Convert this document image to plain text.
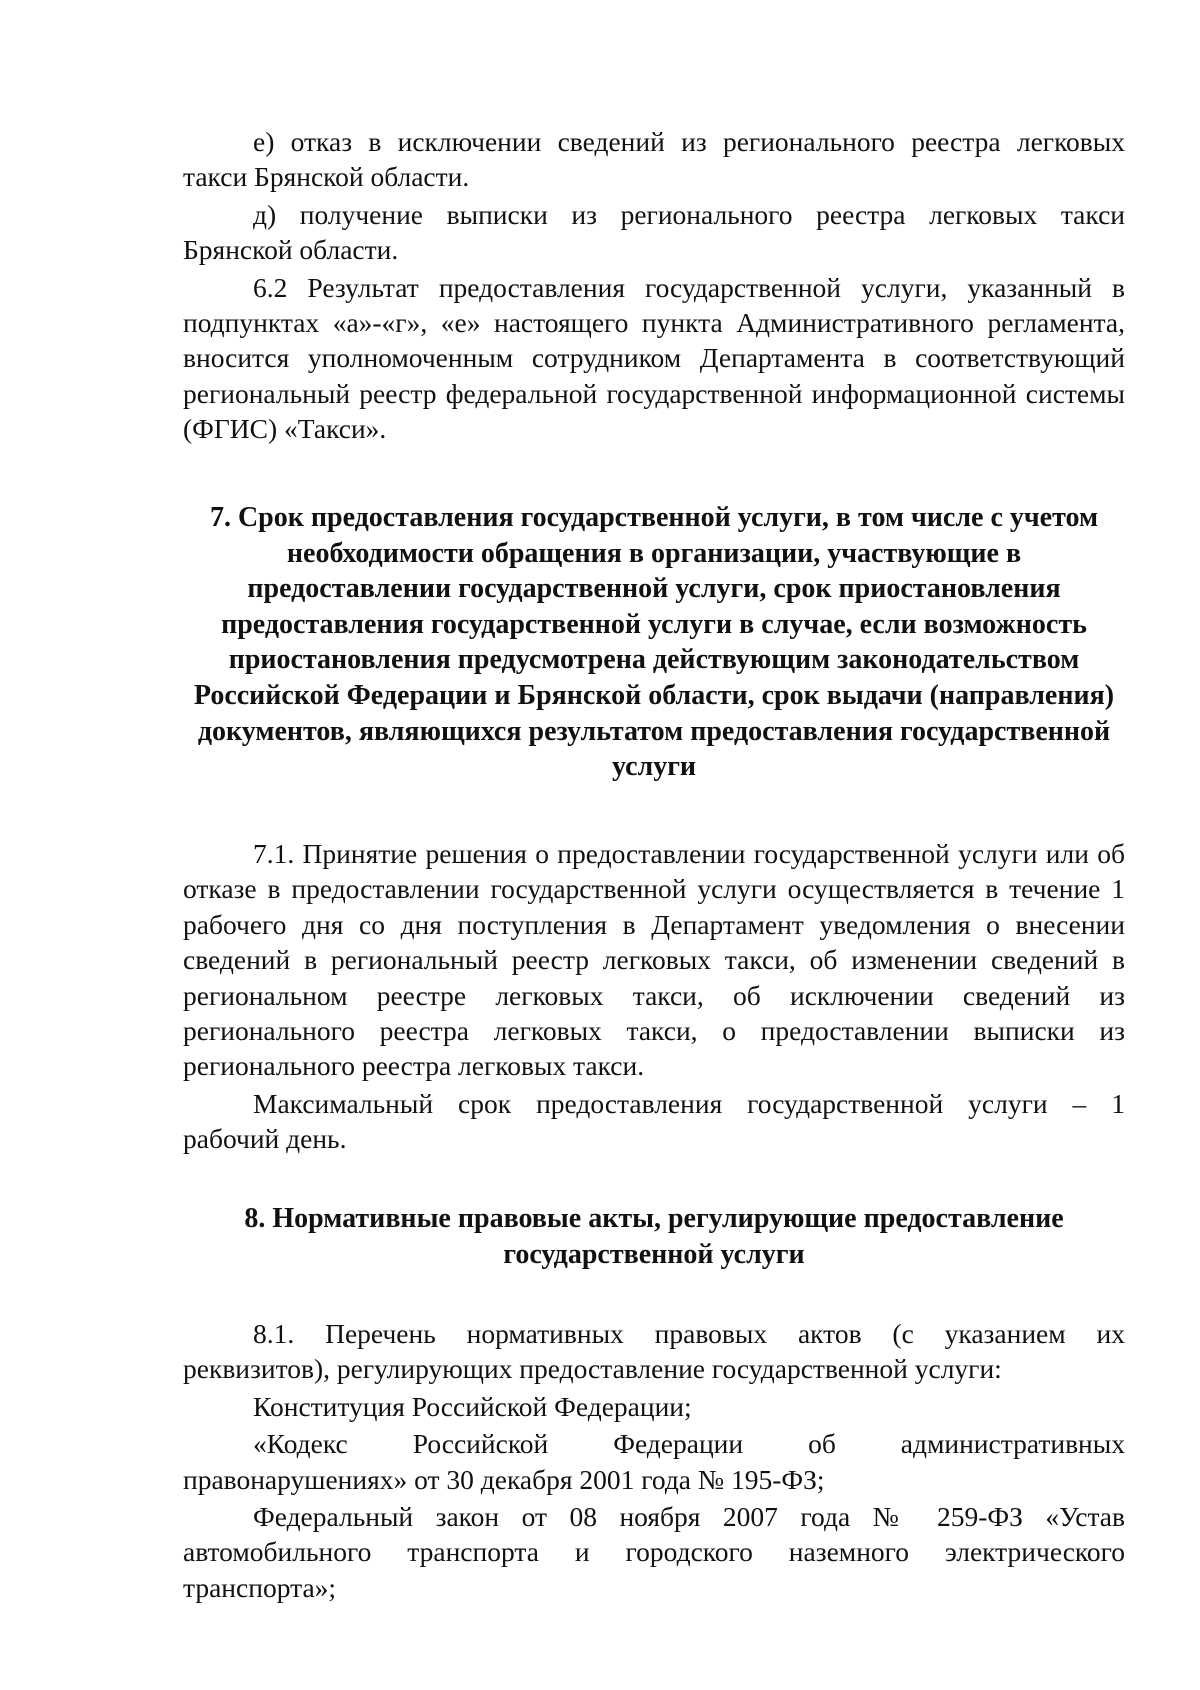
е) отказ в исключении сведений из регионального реестра легковых

такси Брянской области.

д) получение выписки из регионального реестра легковых такси

Брянской области.

6.2 Результат предоставления государственной услуги, указанный в

подпунктах «а»-«г», «е» настоящего пункта Административного регламента,

вносится уполномоченным сотрудником Департамента в соответствующий

региональный реестр федеральной государственной информационной системы

(ФГИС) «Такси».

7. Срок предоставления государственной услуги, в том числе с учетом
необходимости обращения в организации, участвующие в
предоставлении государственной услуги, срок приостановления
предоставления государственной услуги в случае, если возможность
приостановления предусмотрена действующим законодательством
Российской Федерации и Брянской области, срок выдачи (направления)
документов, являющихся результатом предоставления государственной
услуги

7.1. Принятие решения о предоставлении государственной услуги или об

отказе в предоставлении государственной услуги осуществляется в течение 1

рабочего дня со дня поступления в Департамент уведомления о внесении

сведений в региональный реестр легковых такси, об изменении сведений в

региональном реестре легковых такси, об исключении сведений из

регионального реестра легковых такси, о предоставлении выписки из

регионального реестра легковых такси.

Максимальный срок предоставления государственной услуги – 1

рабочий день.

8. Нормативные правовые акты, регулирующие предоставление
государственной услуги

8.1. Перечень нормативных правовых актов (с указанием их

реквизитов), регулирующих предоставление государственной услуги:

Конституция Российской Федерации;

«Кодекс Российской Федерации об административных

правонарушениях» от 30 декабря 2001 года № 195-ФЗ;

Федеральный закон от 08 ноября 2007 года № 259-ФЗ «Устав

автомобильного транспорта и городского наземного электрического

транспорта»;
